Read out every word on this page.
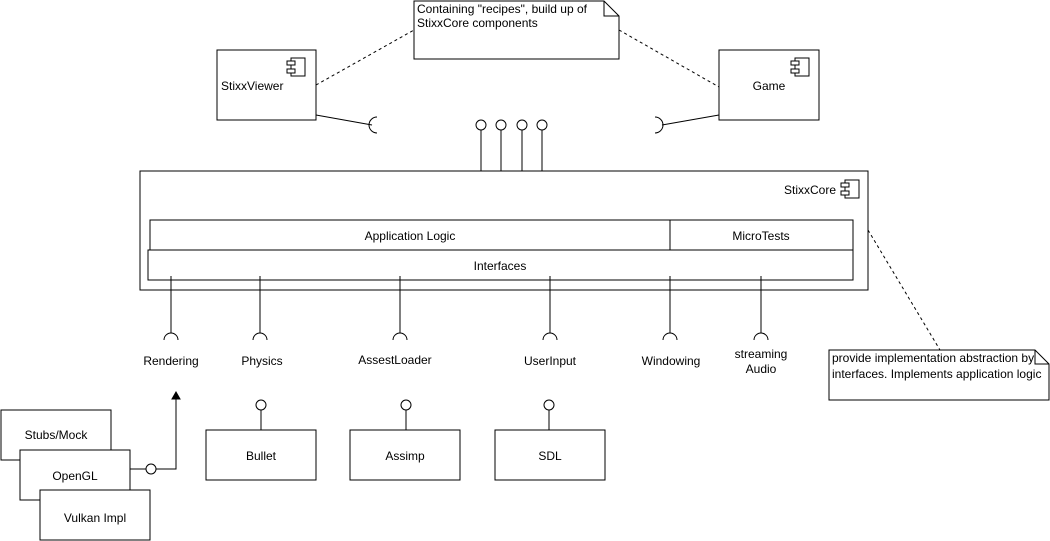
Containing "recipes", build up of
StixxCore components
StixxViewer	Game
StixxCore
Application Logic	MicroTests
Interfaces
Rendering	Physics	AssestLoader	UserInput	Windowing	streaming
Audio
provide implementation abstraction by
interfaces. Implements application logic
Bullet	Assimp	SDL
Stubs/Mock
OpenGL
Vulkan Impl
